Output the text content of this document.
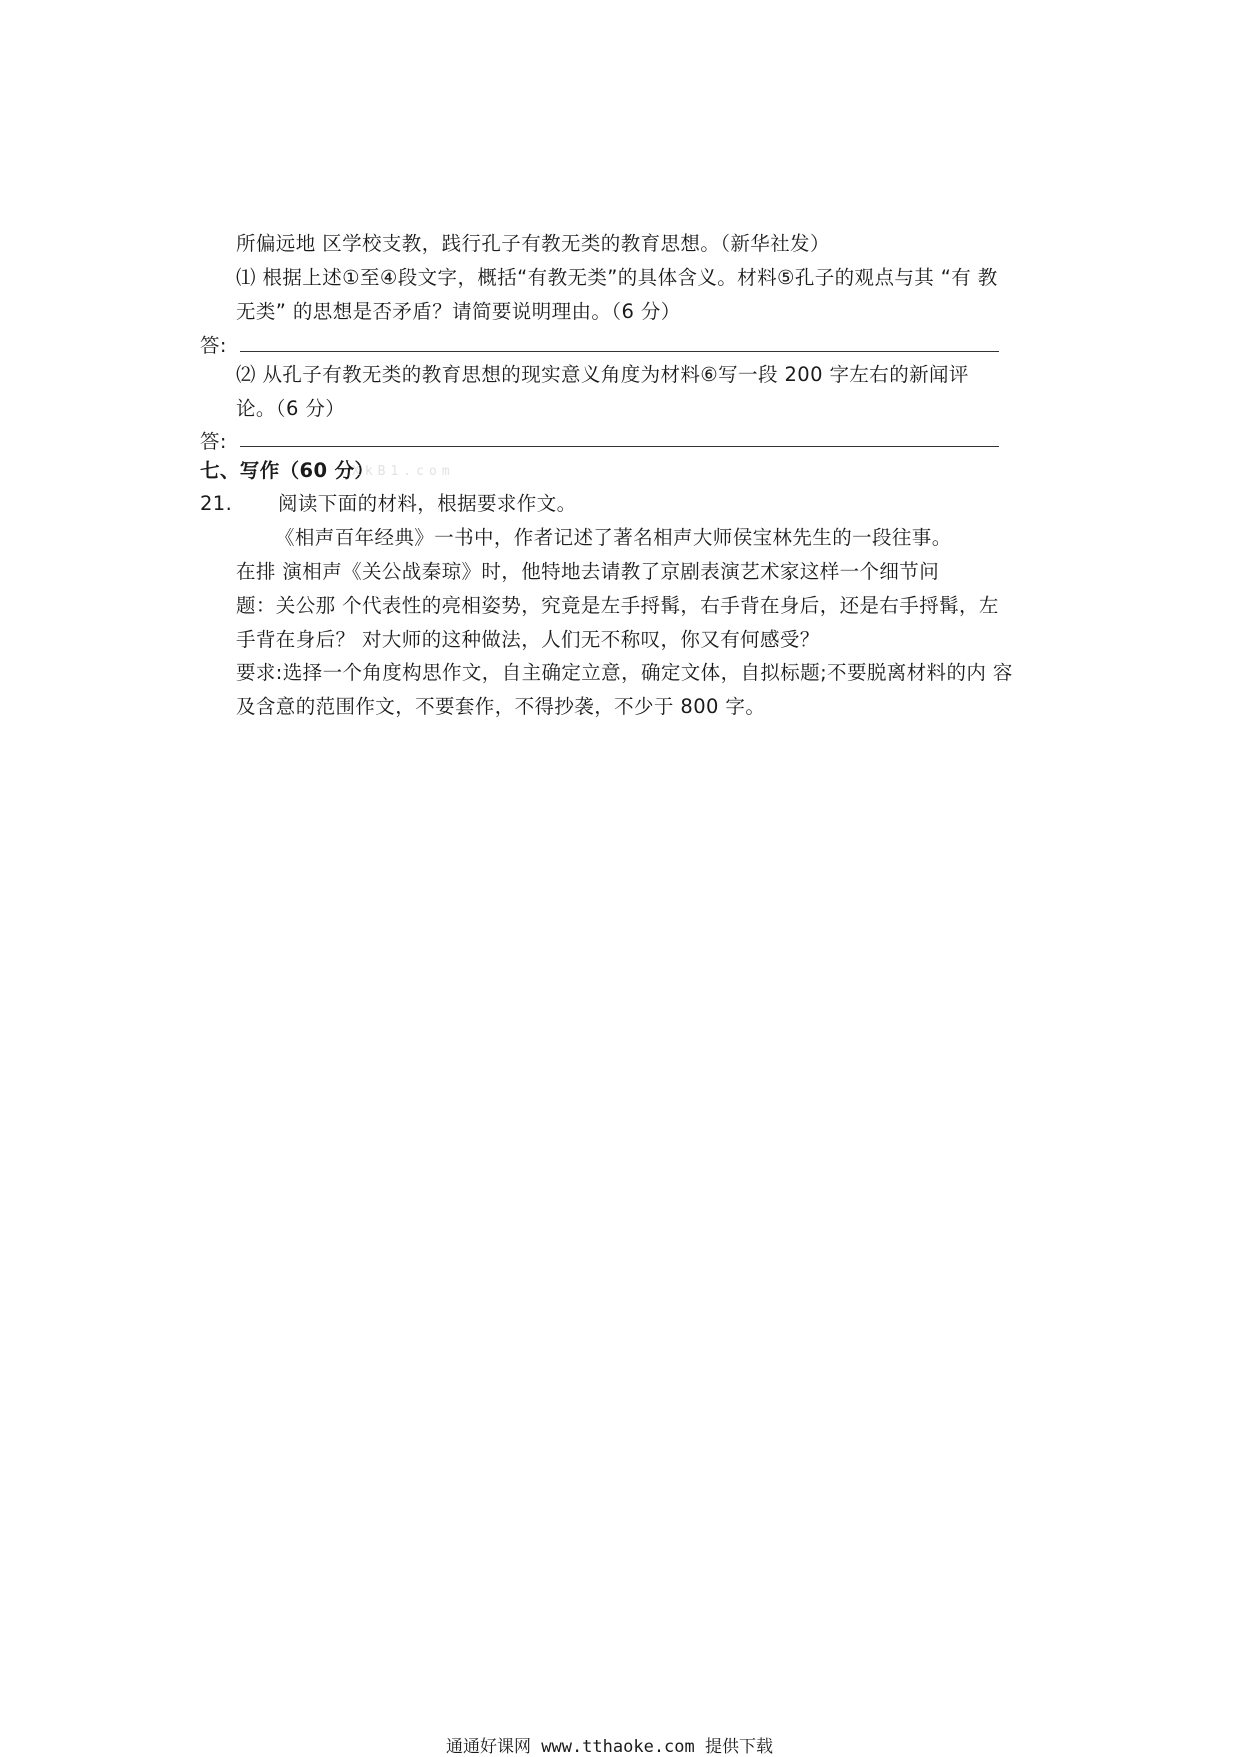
所偏远地 区学校支教，践行孔子有教无类的教育思想。（新华社发）
⑴ 根据上述①至④段文字，概括“有教无类”的具体含义。材料⑤孔子的观点与其 “有 教
无类” 的思想是否矛盾？请简要说明理由。（6 分）
答:
⑵ 从孔子有教无类的教育思想的现实意义角度为材料⑥写一段 200 字左右的新闻评
论。（6 分）
答:
七、写作（60 分）
XkB1.com
21. 阅读下面的材料，根据要求作文。
《相声百年经典》一书中，作者记述了著名相声大师侯宝林先生的一段往事。
在排 演相声《关公战秦琼》时，他特地去请教了京剧表演艺术家这样一个细节问
题：关公那 个代表性的亮相姿势，究竟是左手捋髯，右手背在身后，还是右手捋髯，左
手背在身后？ 对大师的这种做法，人们无不称叹，你又有何感受？
要求:选择一个角度构思作文，自主确定立意，确定文体，自拟标题;不要脱离材料的内 容
及含意的范围作文，不要套作，不得抄袭，不少于 800 字。
通通好课网 www.tthaoke.com 提供下载
